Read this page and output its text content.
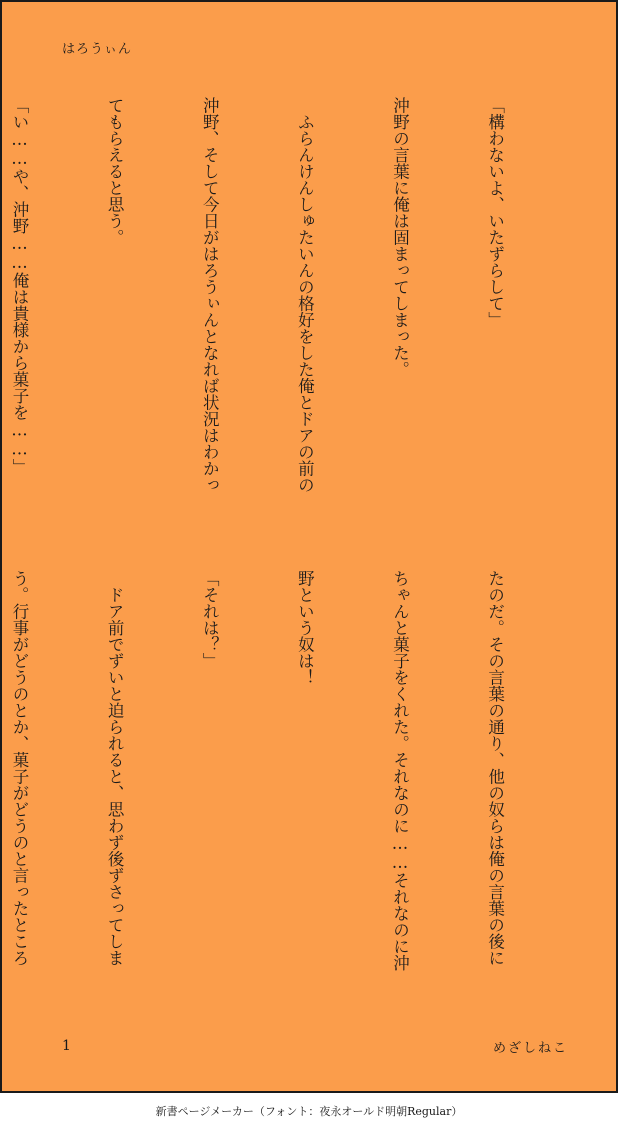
はろうぃん

「構わないよ、いたずらして」

沖野の言葉に俺は固まってしまった。

　ふらんけんしゅたいんの格好をした俺とドアの前の

沖野、そして今日がはろうぃんとなれば状況はわかっ

てもらえると思う。

「い……や、沖野……俺は貴様から菓子を……」

たのだ。その言葉の通り、他の奴らは俺の言葉の後に

ちゃんと菓子をくれた。それなのに……それなのに沖

野という奴は！

「それは？」

　ドア前でずいと迫られると、思わず後ずさってしま

う。行事がどうのとか、菓子がどうのと言ったところ

1	めざしねこ
新書ページメーカー（フォント：夜永オールド明朝Regular）
